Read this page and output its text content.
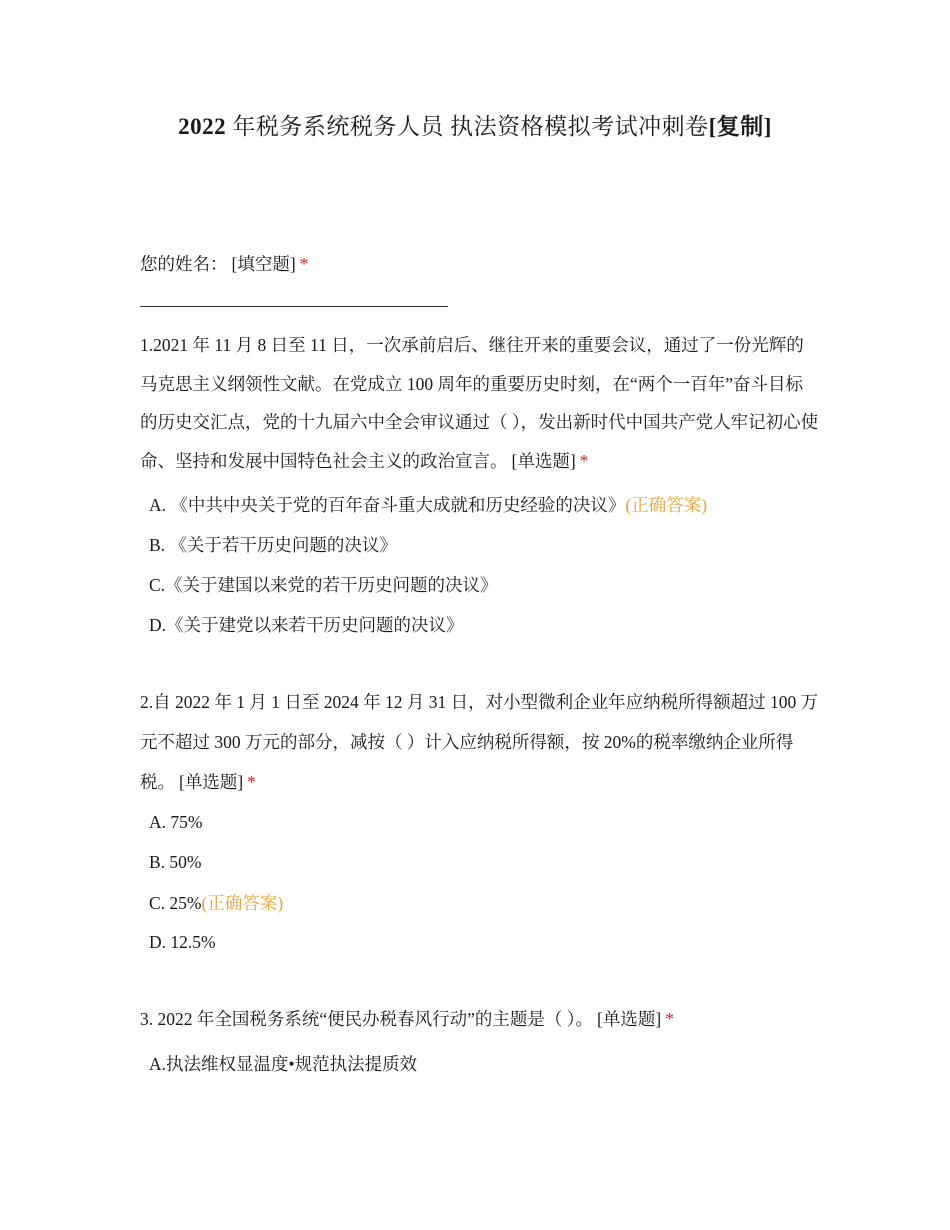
2022 年税务系统税务人员 执法资格模拟考试冲刺卷[复制]

您的姓名： [填空题] *

1.2021 年 11 月 8 日至 11 日，一次承前启后、继往开来的重要会议，通过了一份光辉的马克思主义纲领性文献。在党成立 100 周年的重要历史时刻，在“两个一百年”奋斗目标的历史交汇点，党的十九届六中全会审议通过（ ），发出新时代中国共产党人牢记初心使命、坚持和发展中国特色社会主义的政治宣言。 [单选题] *

A. 《中共中央关于党的百年奋斗重大成就和历史经验的决议》(正确答案)
B. 《关于若干历史问题的决议》
C.《关于建国以来党的若干历史问题的决议》
D.《关于建党以来若干历史问题的决议》

2.自 2022 年 1 月 1 日至 2024 年 12 月 31 日，对小型微利企业年应纳税所得额超过 100 万元不超过 300 万元的部分，减按（ ）计入应纳税所得额，按 20%的税率缴纳企业所得税。 [单选题] *

A. 75%
B. 50%
C. 25%(正确答案)
D. 12.5%

3. 2022 年全国税务系统“便民办税春风行动”的主题是（ ）。 [单选题] *

A.执法维权显温度•规范执法提质效
